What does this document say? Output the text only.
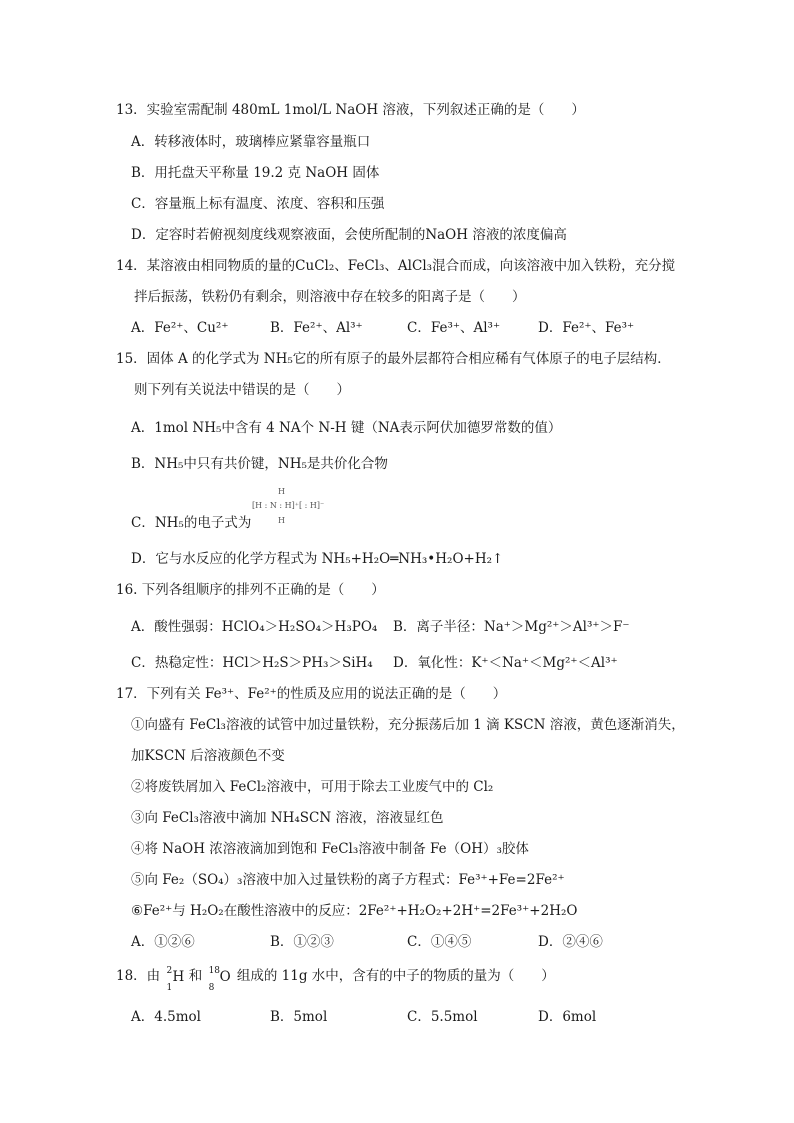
13．实验室需配制 480mL 1mol/L NaOH 溶液，下列叙述正确的是（　　）
A．转移液体时，玻璃棒应紧靠容量瓶口
B．用托盘天平称量 19.2 克 NaOH 固体
C．容量瓶上标有温度、浓度、容积和压强
D．定容时若俯视刻度线观察液面，会使所配制的NaOH 溶液的浓度偏高
14．某溶液由相同物质的量的CuCl₂、FeCl₃、AlCl₃混合而成，向该溶液中加入铁粉，充分搅
拌后振荡，铁粉仍有剩余，则溶液中存在较多的阳离子是（　　）
A．Fe²⁺、Cu²⁺	B．Fe²⁺、Al³⁺	C．Fe³⁺、Al³⁺	D．Fe²⁺、Fe³⁺
15．固体 A 的化学式为 NH₅它的所有原子的最外层都符合相应稀有气体原子的电子层结构．
则下列有关说法中错误的是（　　）
A．1mol NH₅中含有 4 NA个 N-H 键（NA表示阿伏加德罗常数的值）
B．NH₅中只有共价键，NH₅是共价化合物
C．NH₅的电子式为
H
[H : N : H]⁺[ : H]⁻
H
D．它与水反应的化学方程式为 NH₅+H₂O═NH₃•H₂O+H₂↑
16. 下列各组顺序的排列不正确的是（　　）
A．酸性强弱：HClO₄＞H₂SO₄＞H₃PO₄ B．离子半径：Na⁺＞Mg²⁺＞Al³⁺＞F⁻
C．热稳定性：HCl＞H₂S＞PH₃＞SiH₄ D．氧化性：K⁺＜Na⁺＜Mg²⁺＜Al³⁺
17．下列有关 Fe³⁺、Fe²⁺的性质及应用的说法正确的是（　　）
①向盛有 FeCl₃溶液的试管中加过量铁粉，充分振荡后加 1 滴 KSCN 溶液，黄色逐渐消失，
加KSCN 后溶液颜色不变
②将废铁屑加入 FeCl₂溶液中，可用于除去工业废气中的 Cl₂
③向 FeCl₃溶液中滴加 NH₄SCN 溶液，溶液显红色
④将 NaOH 浓溶液滴加到饱和 FeCl₃溶液中制备 Fe（OH）₃胶体
⑤向 Fe₂（SO₄）₃溶液中加入过量铁粉的离子方程式：Fe³⁺+Fe=2Fe²⁺
⑥Fe²⁺与 H₂O₂在酸性溶液中的反应：2Fe²⁺+H₂O₂+2H⁺=2Fe³⁺+2H₂O
A．①②⑥	B．①②③	C．①④⑤	D．②④⑥
18．由 2
1
H 和 18
8
O 组成的 11g 水中，含有的中子的物质的量为（　　）
A．4.5mol	B．5mol	C．5.5mol	D．6mol
